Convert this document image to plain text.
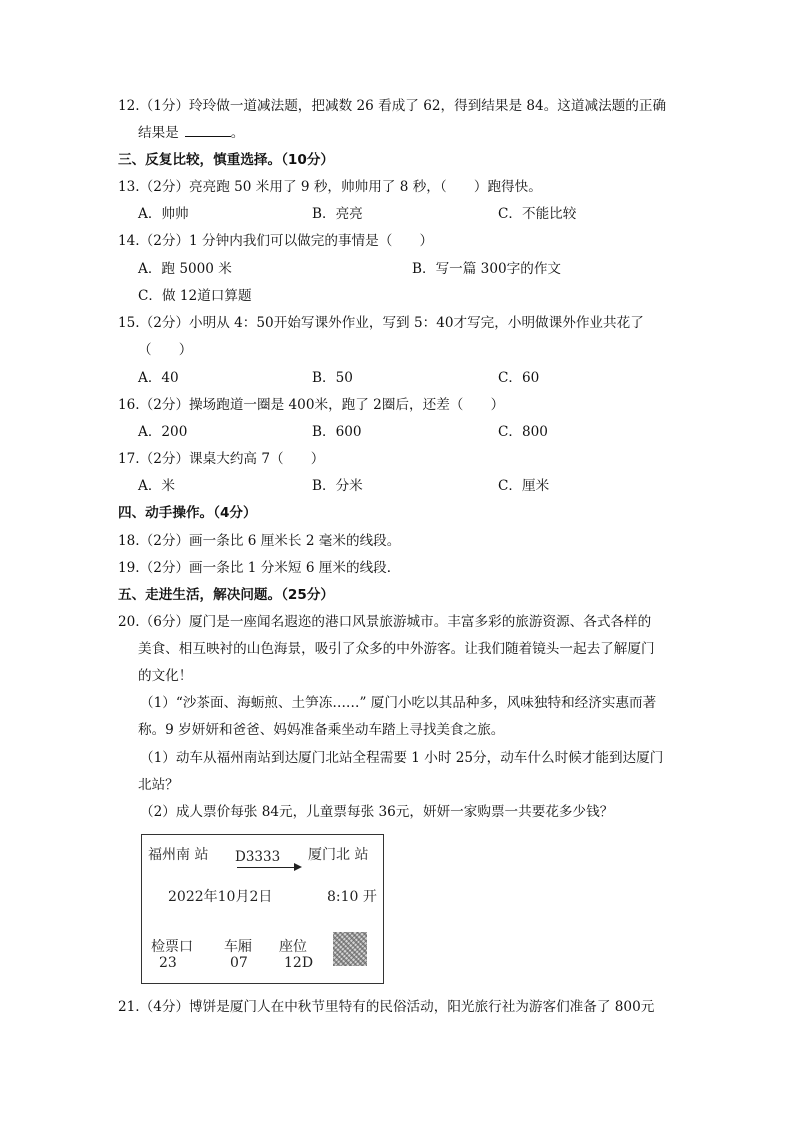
12.（1分）玲玲做一道减法题，把减数 26 看成了 62，得到结果是 84。这道减法题的正确
结果是	。
三、反复比较，慎重选择。（10分）
13.（2分）亮亮跑 50 米用了 9 秒，帅帅用了 8 秒，（　　）跑得快。
A．帅帅	B．亮亮	C．不能比较
14.（2分）1 分钟内我们可以做完的事情是（　　）
A．跑 5000 米	B．写一篇 300字的作文
C．做 12道口算题
15.（2分）小明从 4：50开始写课外作业，写到 5：40才写完，小明做课外作业共花了
（　　）
A．40	B．50	C．60
16.（2分）操场跑道一圈是 400米，跑了 2圈后，还差（　　）
A．200	B．600	C．800
17.（2分）课桌大约高 7（　　）
A．米	B．分米	C．厘米
四、动手操作。（4分）
18.（2分）画一条比 6 厘米长 2 毫米的线段。
19.（2分）画一条比 1 分米短 6 厘米的线段．
五、走进生活，解决问题。（25分）
20.（6分）厦门是一座闻名遐迩的港口风景旅游城市。丰富多彩的旅游资源、各式各样的
美食、相互映衬的山色海景，吸引了众多的中外游客。让我们随着镜头一起去了解厦门
的文化！
（1）“沙茶面、海蛎煎、土笋冻……” 厦门小吃以其品种多，风味独特和经济实惠而著
称。9 岁妍妍和爸爸、妈妈准备乘坐动车踏上寻找美食之旅。
（1）动车从福州南站到达厦门北站全程需要 1 小时 25分，动车什么时候才能到达厦门
北站？
（2）成人票价每张 84元，儿童票每张 36元，妍妍一家购票一共要花多少钱？
福州南 站 D3333 厦门北 站
2022年10月2日	8:10 开
检票口
23
车厢
07
座位
12D
21.（4分）博饼是厦门人在中秋节里特有的民俗活动，阳光旅行社为游客们准备了 800元
